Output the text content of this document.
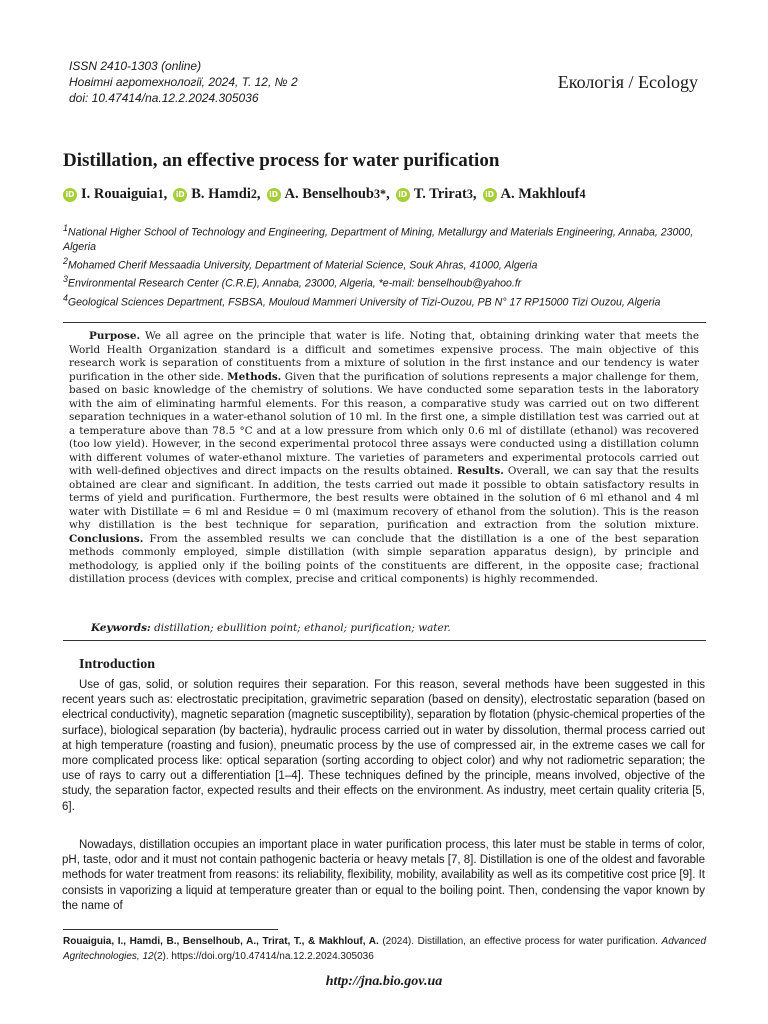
ISSN 2410-1303 (online)
Новітні агротехнології, 2024, Т. 12, № 2
doi: 10.47414/na.12.2.2024.305036
Екологія / Ecology
Distillation, an effective process for water purification
iD I. Rouaiguia 1 ,	iD B. Hamdi 2 ,	iD A. Benselhoub 3* ,	iD T. Trirat 3 ,	iD A. Makhlouf 4

$^1$National Higher School of Technology and Engineering, Department of Mining, Metallurgy and Materials Engineering, Annaba, 23000, Algeria

$^2$Mohamed Cherif Messaadia University, Department of Material Science, Souk Ahras, 41000, Algeria

$^3$Environmental Research Center (C.R.E), Annaba, 23000, Algeria, *e-mail: benselhoub@yahoo.fr

$^4$Geological Sciences Department, FSBSA, Mouloud Mammeri University of Tizi-Ouzou, PB N° 17 RP15000 Tizi Ouzou, Algeria

Purpose. We all agree on the principle that water is life. Noting that, obtaining drinking water that meets the World Health Organization standard is a difficult and sometimes expensive process. The main objective of this research work is separation of constituents from a mixture of solution in the first instance and our tendency is water purification in the other side. Methods. Given that the purification of solutions represents a major challenge for them, based on basic knowledge of the chemistry of solutions. We have conducted some separation tests in the laboratory with the aim of eliminating harmful elements. For this reason, a comparative study was carried out on two different separation techniques in a water-ethanol solution of 10 ml. In the first one, a simple distillation test was carried out at a temperature above than 78.5 °C and at a low pressure from which only 0.6 ml of distillate (ethanol) was recovered (too low yield). However, in the second experimental protocol three assays were conducted using a distillation column with different volumes of water-ethanol mixture. The varieties of parameters and experimental protocols carried out with well-defined objectives and direct impacts on the results obtained. Results. Overall, we can say that the results obtained are clear and significant. In addition, the tests carried out made it possible to obtain satisfactory results in terms of yield and purification. Furthermore, the best results were obtained in the solution of 6 ml ethanol and 4 ml water with Distillate = 6 ml and Residue = 0 ml (maximum recovery of ethanol from the solution). This is the reason why distillation is the best technique for separation, purification and extraction from the solution mixture. Conclusions. From the assembled results we can conclude that the distillation is a one of the best separation methods commonly employed, simple distillation (with simple separation apparatus design), by principle and methodology, is applied only if the boiling points of the constituents are different, in the opposite case; fractional distillation process (devices with complex, precise and critical components) is highly recommended.

Keywords: distillation; ebullition point; ethanol; purification; water.
Introduction

Use of gas, solid, or solution requires their separation. For this reason, several methods have been suggested in this recent years such as: electrostatic precipitation, gravimetric separation (based on density), electrostatic separation (based on electrical conductivity), magnetic separation (magnetic susceptibility), separation by flotation (physic-chemical properties of the surface), biological separation (by bacteria), hydraulic process carried out in water by dissolution, thermal process carried out at high temperature (roasting and fusion), pneumatic process by the use of compressed air, in the extreme cases we call for more complicated process like: optical separation (sorting according to object color) and why not radiometric separation; the use of rays to carry out a differentiation [1–4]. These techniques defined by the principle, means involved, objective of the study, the separation factor, expected results and their effects on the environment. As industry, meet certain quality criteria [5, 6].

Nowadays, distillation occupies an important place in water purification process, this later must be stable in terms of color, pH, taste, odor and it must not contain pathogenic bacteria or heavy metals [7, 8]. Distillation is one of the oldest and favorable methods for water treatment from reasons: its reliability, flexibility, mobility, availability as well as its competitive cost price [9]. It consists in vaporizing a liquid at temperature greater than or equal to the boiling point. Then, condensing the vapor known by the name of

Rouaiguia, I., Hamdi, B., Benselhoub, A., Trirat, T., & Makhlouf, A. (2024). Distillation, an effective process for water purification. Advanced Agritechnologies, 12(2). https://doi.org/10.47414/na.12.2.2024.305036

http://jna.bio.gov.ua
